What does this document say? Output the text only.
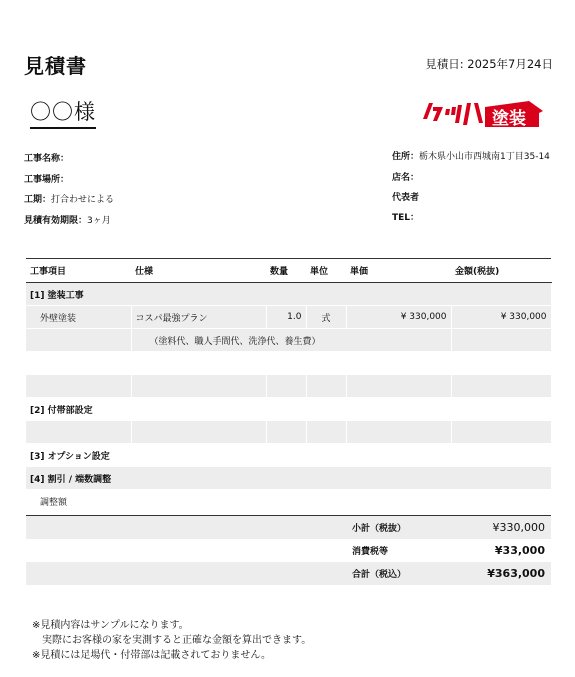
見積書	見積日: 2025年7月24日
〇〇様	塗装
工事名称：
工事場所：
工期：打合わせによる
見積有効期限：3ヶ月
住所：栃木県小山市西城南1丁目35-14
店名：
代表者
TEL：
工事項目	仕様	数量	単位	単価	金額(税抜)
[1] 塗装工事					
外壁塗装	コスパ最強プラン	1.0	式	¥ 330,000	¥ 330,000
	（塗料代、職人手間代、洗浄代、養生費）				

[2] 付帯部設定					

[3] オプション設定					
[4] 割引 / 端数調整					
調整額					
	小計（税抜）	¥330,000
	消費税等	¥33,000
	合計（税込）	¥363,000
※見積内容はサンプルになります。
実際にお客様の家を実測すると正確な金額を算出できます。
※見積には足場代・付帯部は記載されておりません。
